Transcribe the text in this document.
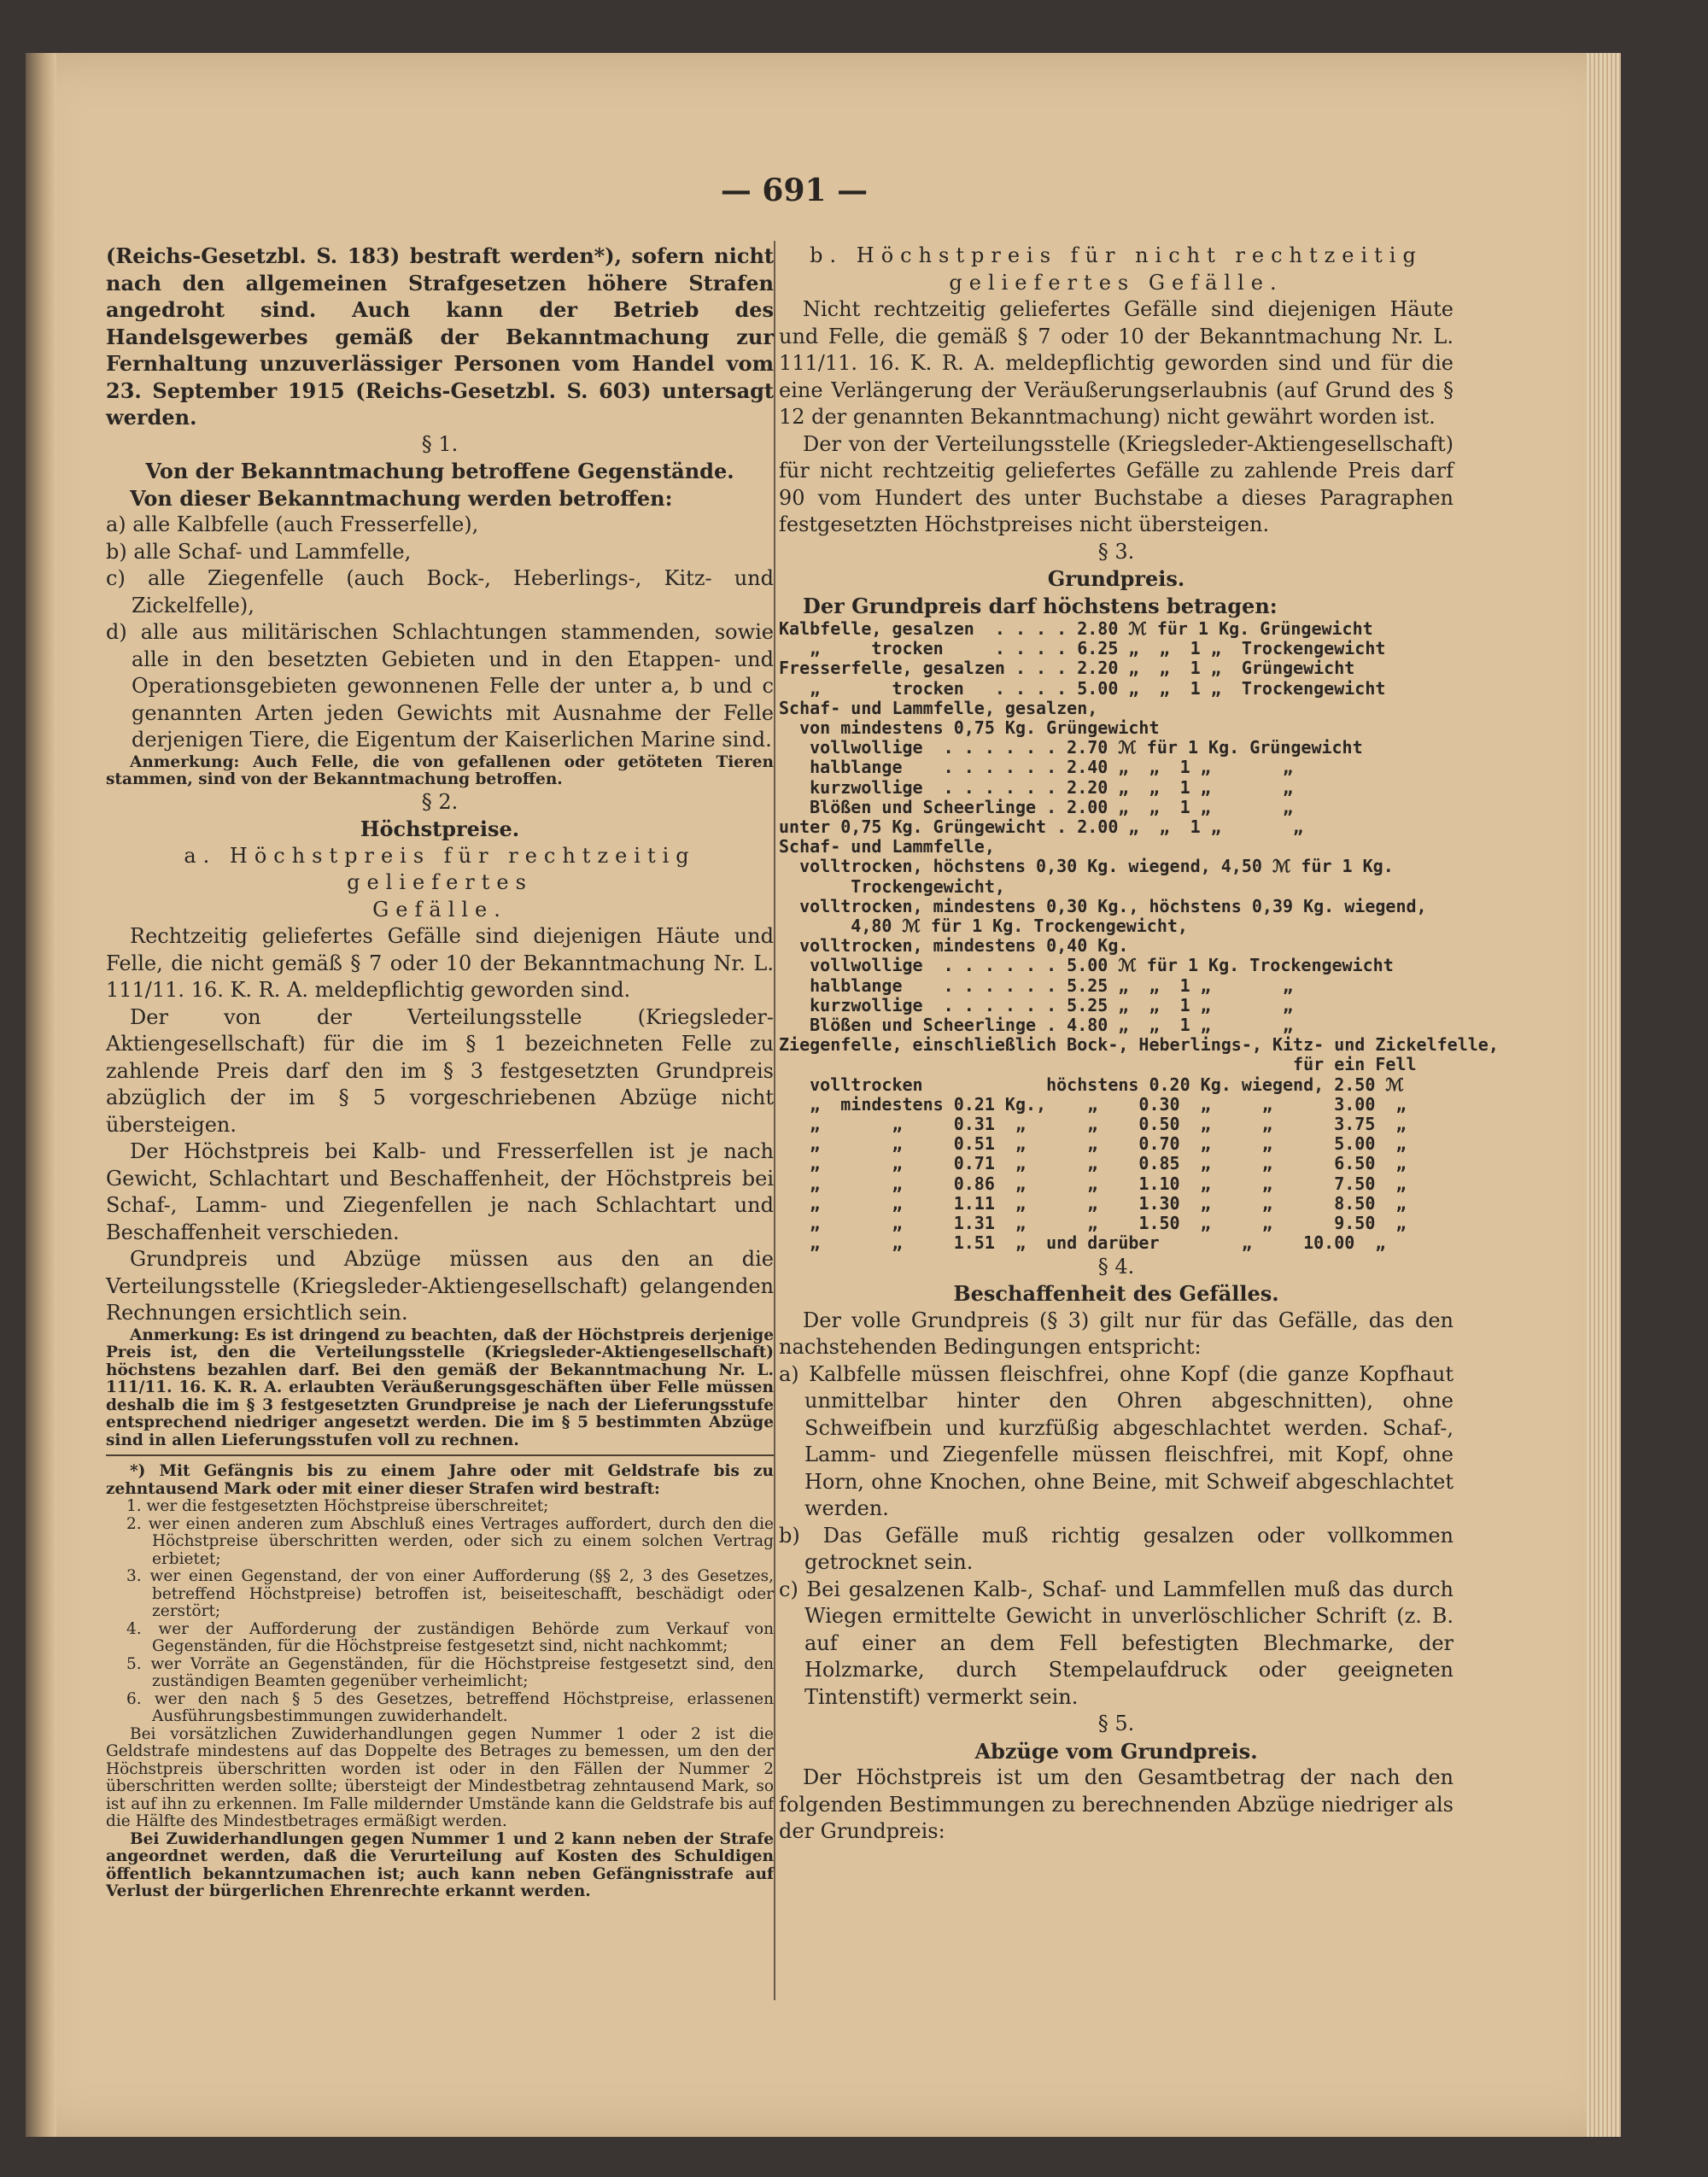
— 691 —

(Reichs-Gesetzbl. S. 183) bestraft werden*), sofern nicht nach den allgemeinen Strafgesetzen höhere Strafen angedroht sind. Auch kann der Betrieb des Handelsgewerbes gemäß der Bekanntmachung zur Fernhaltung unzuverlässiger Personen vom Handel vom 23. September 1915 (Reichs-Gesetzbl. S. 603) untersagt werden.

§ 1.

Von der Bekanntmachung betroffene Gegenstände.

Von dieser Bekanntmachung werden betroffen:

a) alle Kalbfelle (auch Fresserfelle),

b) alle Schaf- und Lammfelle,

c) alle Ziegenfelle (auch Bock-, Heberlings-, Kitz- und Zickelfelle),

d) alle aus militärischen Schlachtungen stammenden, sowie alle in den besetzten Gebieten und in den Etappen- und Operationsgebieten gewonnenen Felle der unter a, b und c genannten Arten jeden Gewichts mit Ausnahme der Felle derjenigen Tiere, die Eigentum der Kaiserlichen Marine sind.

Anmerkung: Auch Felle, die von gefallenen oder getöteten Tieren stammen, sind von der Bekanntmachung betroffen.

§ 2.

Höchstpreise.

a. Höchstpreis für rechtzeitig geliefertes

Gefälle.

Rechtzeitig geliefertes Gefälle sind diejenigen Häute und Felle, die nicht gemäß § 7 oder 10 der Bekanntmachung Nr. L. 111/11. 16. K. R. A. meldepflichtig geworden sind.

Der von der Verteilungsstelle (Kriegsleder-Aktiengesellschaft) für die im § 1 bezeichneten Felle zu zahlende Preis darf den im § 3 festgesetzten Grundpreis abzüglich der im § 5 vorgeschriebenen Abzüge nicht übersteigen.

Der Höchstpreis bei Kalb- und Fresserfellen ist je nach Gewicht, Schlachtart und Beschaffenheit, der Höchstpreis bei Schaf-, Lamm- und Ziegenfellen je nach Schlachtart und Beschaffenheit verschieden.

Grundpreis und Abzüge müssen aus den an die Verteilungsstelle (Kriegsleder-Aktiengesellschaft) gelangenden Rechnungen ersichtlich sein.

Anmerkung: Es ist dringend zu beachten, daß der Höchstpreis derjenige Preis ist, den die Verteilungsstelle (Kriegsleder-Aktiengesellschaft) höchstens bezahlen darf. Bei den gemäß der Bekanntmachung Nr. L. 111/11. 16. K. R. A. erlaubten Veräußerungsgeschäften über Felle müssen deshalb die im § 3 festgesetzten Grundpreise je nach der Lieferungsstufe entsprechend niedriger angesetzt werden. Die im § 5 bestimmten Abzüge sind in allen Lieferungsstufen voll zu rechnen.

*) Mit Gefängnis bis zu einem Jahre oder mit Geldstrafe bis zu zehntausend Mark oder mit einer dieser Strafen wird bestraft:

1. wer die festgesetzten Höchstpreise überschreitet;

2. wer einen anderen zum Abschluß eines Vertrages auffordert, durch den die Höchstpreise überschritten werden, oder sich zu einem solchen Vertrag erbietet;

3. wer einen Gegenstand, der von einer Aufforderung (§§ 2, 3 des Gesetzes, betreffend Höchstpreise) betroffen ist, beiseiteschafft, beschädigt oder zerstört;

4. wer der Aufforderung der zuständigen Behörde zum Verkauf von Gegenständen, für die Höchstpreise festgesetzt sind, nicht nachkommt;

5. wer Vorräte an Gegenständen, für die Höchstpreise festgesetzt sind, den zuständigen Beamten gegenüber verheimlicht;

6. wer den nach § 5 des Gesetzes, betreffend Höchstpreise, erlassenen Ausführungsbestimmungen zuwiderhandelt.

Bei vorsätzlichen Zuwiderhandlungen gegen Nummer 1 oder 2 ist die Geldstrafe mindestens auf das Doppelte des Betrages zu bemessen, um den der Höchstpreis überschritten worden ist oder in den Fällen der Nummer 2 überschritten werden sollte; übersteigt der Mindestbetrag zehntausend Mark, so ist auf ihn zu erkennen. Im Falle mildernder Umstände kann die Geldstrafe bis auf die Hälfte des Mindestbetrages ermäßigt werden.

Bei Zuwiderhandlungen gegen Nummer 1 und 2 kann neben der Strafe angeordnet werden, daß die Verurteilung auf Kosten des Schuldigen öffentlich bekanntzumachen ist; auch kann neben Gefängnisstrafe auf Verlust der bürgerlichen Ehrenrechte erkannt werden.

b. Höchstpreis für nicht rechtzeitig geliefertes Gefälle.

Nicht rechtzeitig geliefertes Gefälle sind diejenigen Häute und Felle, die gemäß § 7 oder 10 der Bekanntmachung Nr. L. 111/11. 16. K. R. A. meldepflichtig geworden sind und für die eine Verlängerung der Veräußerungserlaubnis (auf Grund des § 12 der genannten Bekanntmachung) nicht gewährt worden ist.

Der von der Verteilungsstelle (Kriegsleder-Aktiengesellschaft) für nicht rechtzeitig geliefertes Gefälle zu zahlende Preis darf 90 vom Hundert des unter Buchstabe a dieses Paragraphen festgesetzten Höchstpreises nicht übersteigen.

§ 3.

Grundpreis.

Der Grundpreis darf höchstens betragen:

Kalbfelle, gesalzen  . . . . 2.80 ℳ für 1 Kg. Grüngewicht

„     trocken     . . . . 6.25 „  „  1 „  Trockengewicht

Fresserfelle, gesalzen . . . 2.20 „  „  1 „  Grüngewicht

„       trocken   . . . . 5.00 „  „  1 „  Trockengewicht

Schaf- und Lammfelle, gesalzen,

von mindestens 0,75 Kg. Grüngewicht

vollwollige  . . . . . . 2.70 ℳ für 1 Kg. Grüngewicht

halblange    . . . . . . 2.40 „  „  1 „       „

kurzwollige  . . . . . . 2.20 „  „  1 „       „

Blößen und Scheerlinge . 2.00 „  „  1 „       „

unter 0,75 Kg. Grüngewicht . 2.00 „  „  1 „       „

Schaf- und Lammfelle,

volltrocken, höchstens 0,30 Kg. wiegend, 4,50 ℳ für 1 Kg.

Trockengewicht,

volltrocken, mindestens 0,30 Kg., höchstens 0,39 Kg. wiegend,

4,80 ℳ für 1 Kg. Trockengewicht,

volltrocken, mindestens 0,40 Kg.

vollwollige  . . . . . . 5.00 ℳ für 1 Kg. Trockengewicht

halblange    . . . . . . 5.25 „  „  1 „       „

kurzwollige  . . . . . . 5.25 „  „  1 „       „

Blößen und Scheerlinge . 4.80 „  „  1 „       „

Ziegenfelle, einschließlich Bock-, Heberlings-, Kitz- und Zickelfelle,

für ein Fell

volltrocken            höchstens 0.20 Kg. wiegend, 2.50 ℳ

„  mindestens 0.21 Kg.,    „    0.30  „     „      3.00  „

„       „     0.31  „      „    0.50  „     „      3.75  „

„       „     0.51  „      „    0.70  „     „      5.00  „

„       „     0.71  „      „    0.85  „     „      6.50  „

„       „     0.86  „      „    1.10  „     „      7.50  „

„       „     1.11  „      „    1.30  „     „      8.50  „

„       „     1.31  „      „    1.50  „     „      9.50  „

„       „     1.51  „  und darüber        „     10.00  „

§ 4.

Beschaffenheit des Gefälles.

Der volle Grundpreis (§ 3) gilt nur für das Gefälle, das den nachstehenden Bedingungen entspricht:

a) Kalbfelle müssen fleischfrei, ohne Kopf (die ganze Kopfhaut unmittelbar hinter den Ohren abgeschnitten), ohne Schweifbein und kurzfüßig abgeschlachtet werden. Schaf-, Lamm- und Ziegenfelle müssen fleischfrei, mit Kopf, ohne Horn, ohne Knochen, ohne Beine, mit Schweif abgeschlachtet werden.

b) Das Gefälle muß richtig gesalzen oder vollkommen getrocknet sein.

c) Bei gesalzenen Kalb-, Schaf- und Lammfellen muß das durch Wiegen ermittelte Gewicht in unverlöschlicher Schrift (z. B. auf einer an dem Fell befestigten Blechmarke, der Holzmarke, durch Stempelaufdruck oder geeigneten Tintenstift) vermerkt sein.

§ 5.

Abzüge vom Grundpreis.

Der Höchstpreis ist um den Gesamtbetrag der nach den folgenden Bestimmungen zu berechnenden Abzüge niedriger als der Grundpreis:
